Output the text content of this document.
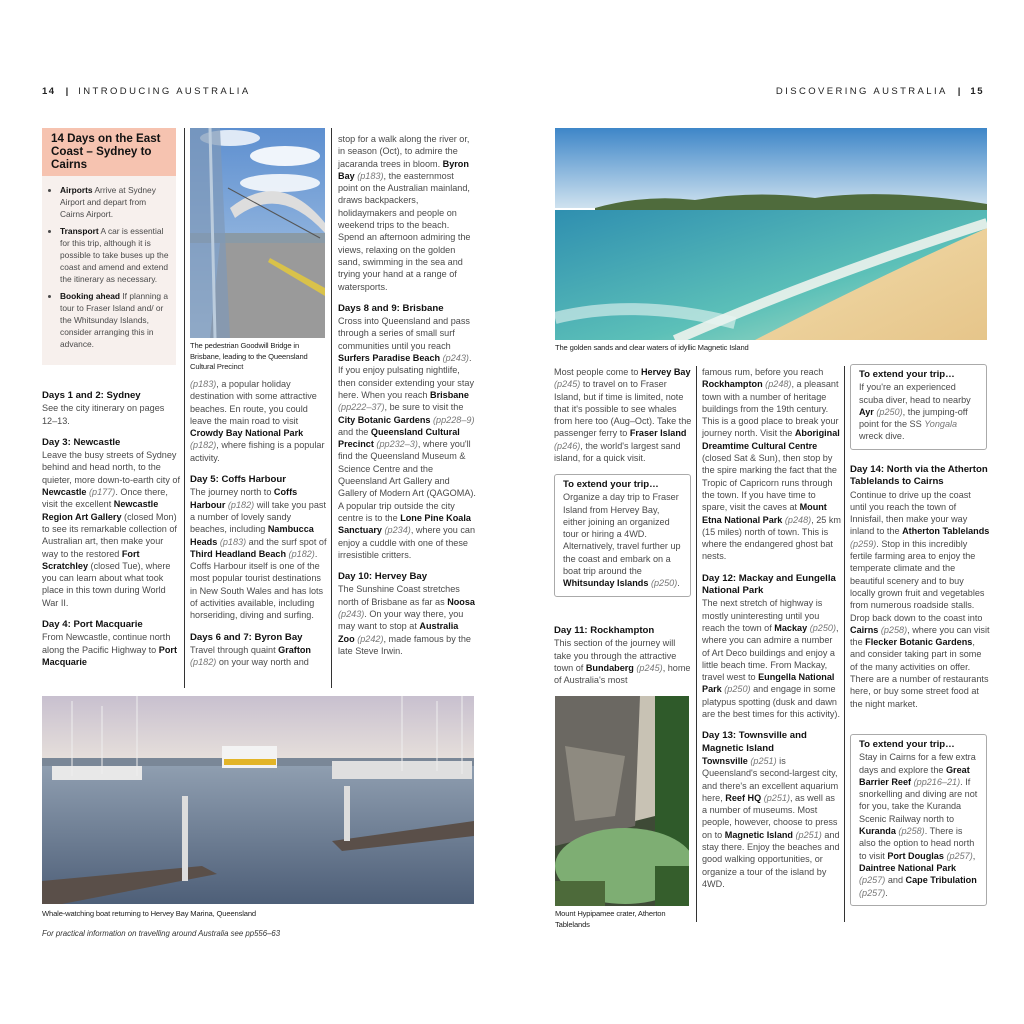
14 | INTRODUCING AUSTRALIA
14 Days on the East Coast – Sydney to Cairns
• Airports Arrive at Sydney Airport and depart from Cairns Airport.
• Transport A car is essential for this trip, although it is possible to take buses up the coast and amend and extend the itinerary as necessary.
• Booking ahead If planning a tour to Fraser Island and/ or the Whitsunday Islands, consider arranging this in advance.
Days 1 and 2: Sydney

See the city itinerary on pages 12–13.

Day 3: Newcastle

Leave the busy streets of Sydney behind and head north, to the quieter, more down-to-earth city of Newcastle (p177). Once there, visit the excellent Newcastle Region Art Gallery (closed Mon) to see its remarkable collection of Australian art, then make your way to the restored Fort Scratchley (closed Tue), where you can learn about what took place in this town during World War II.

Day 4: Port Macquarie

From Newcastle, continue north along the Pacific Highway to Port Macquarie

The pedestrian Goodwill Bridge in Brisbane, leading to the Queensland Cultural Precinct

(p183), a popular holiday destination with some attractive beaches. En route, you could leave the main road to visit Crowdy Bay National Park (p182), where fishing is a popular activity.

Day 5: Coffs Harbour

The journey north to Coffs Harbour (p182) will take you past a number of lovely sandy beaches, including Nambucca Heads (p183) and the surf spot of Third Headland Beach (p182). Coffs Harbour itself is one of the most popular tourist destinations in New South Wales and has lots of activities available, including horseriding, diving and surfing.

Days 6 and 7: Byron Bay

Travel through quaint Grafton (p182) on your way north and

stop for a walk along the river or, in season (Oct), to admire the jacaranda trees in bloom. Byron Bay (p183), the easternmost point on the Australian mainland, draws backpackers, holidaymakers and people on weekend trips to the beach. Spend an afternoon admiring the views, relaxing on the golden sand, swimming in the sea and trying your hand at a range of watersports.

Days 8 and 9: Brisbane

Cross into Queensland and pass through a series of small surf communities until you reach Surfers Paradise Beach (p243). If you enjoy pulsating nightlife, then consider extending your stay here. When you reach Brisbane (pp222–37), be sure to visit the City Botanic Gardens (pp228–9) and the Queensland Cultural Precinct (pp232–3), where you'll find the Queensland Museum & Science Centre and the Queensland Art Gallery and Gallery of Modern Art (QAGOMA). A popular trip outside the city centre is to the Lone Pine Koala Sanctuary (p234), where you can enjoy a cuddle with one of these irresistible critters.

Day 10: Hervey Bay

The Sunshine Coast stretches north of Brisbane as far as Noosa (p243). On your way there, you may want to stop at Australia Zoo (p242), made famous by the late Steve Irwin.

Whale-watching boat returning to Hervey Bay Marina, Queensland
For practical information on travelling around Australia see pp556–63
DISCOVERING AUSTRALIA | 15
The golden sands and clear waters of idyllic Magnetic Island

Most people come to Hervey Bay (p245) to travel on to Fraser Island, but if time is limited, note that it's possible to see whales from here too (Aug–Oct). Take the passenger ferry to Fraser Island (p246), the world's largest sand island, for a quick visit.

To extend your trip…
Organize a day trip to Fraser Island from Hervey Bay, either joining an organized tour or hiring a 4WD. Alternatively, travel further up the coast and embark on a boat trip around the Whitsunday Islands (p250).
Day 11: Rockhampton

This section of the journey will take you through the attractive town of Bundaberg (p245), home of Australia's most

Mount Hypipamee crater, Atherton Tablelands

famous rum, before you reach Rockhampton (p248), a pleasant town with a number of heritage buildings from the 19th century. This is a good place to break your journey north. Visit the Aboriginal Dreamtime Cultural Centre (closed Sat & Sun), then stop by the spire marking the fact that the Tropic of Capricorn runs through the town. If you have time to spare, visit the caves at Mount Etna National Park (p248), 25 km (15 miles) north of town. This is where the endangered ghost bat nests.

Day 12: Mackay and Eungella National Park

The next stretch of highway is mostly uninteresting until you reach the town of Mackay (p250), where you can admire a number of Art Deco buildings and enjoy a little beach time. From Mackay, travel west to Eungella National Park (p250) and engage in some platypus spotting (dusk and dawn are the best times for this activity).

Day 13: Townsville and Magnetic Island

Townsville (p251) is Queensland's second-largest city, and there's an excellent aquarium here, Reef HQ (p251), as well as a number of museums. Most people, however, choose to press on to Magnetic Island (p251) and stay there. Enjoy the beaches and good walking opportunities, or organize a tour of the island by 4WD.

To extend your trip…
If you're an experienced scuba diver, head to nearby Ayr (p250), the jumping-off point for the SS Yongala wreck dive.
Day 14: North via the Atherton Tablelands to Cairns

Continue to drive up the coast until you reach the town of Innisfail, then make your way inland to the Atherton Tablelands (p259). Stop in this incredibly fertile farming area to enjoy the temperate climate and the beautiful scenery and to buy locally grown fruit and vegetables from numerous roadside stalls. Drop back down to the coast into Cairns (p258), where you can visit the Flecker Botanic Gardens, and consider taking part in some of the many activities on offer. There are a number of restaurants here, or buy some street food at the night market.

To extend your trip…
Stay in Cairns for a few extra days and explore the Great Barrier Reef (pp216–21). If snorkelling and diving are not for you, take the Kuranda Scenic Railway north to Kuranda (p258). There is also the option to head north to visit Port Douglas (p257), Daintree National Park (p257) and Cape Tribulation (p257).
